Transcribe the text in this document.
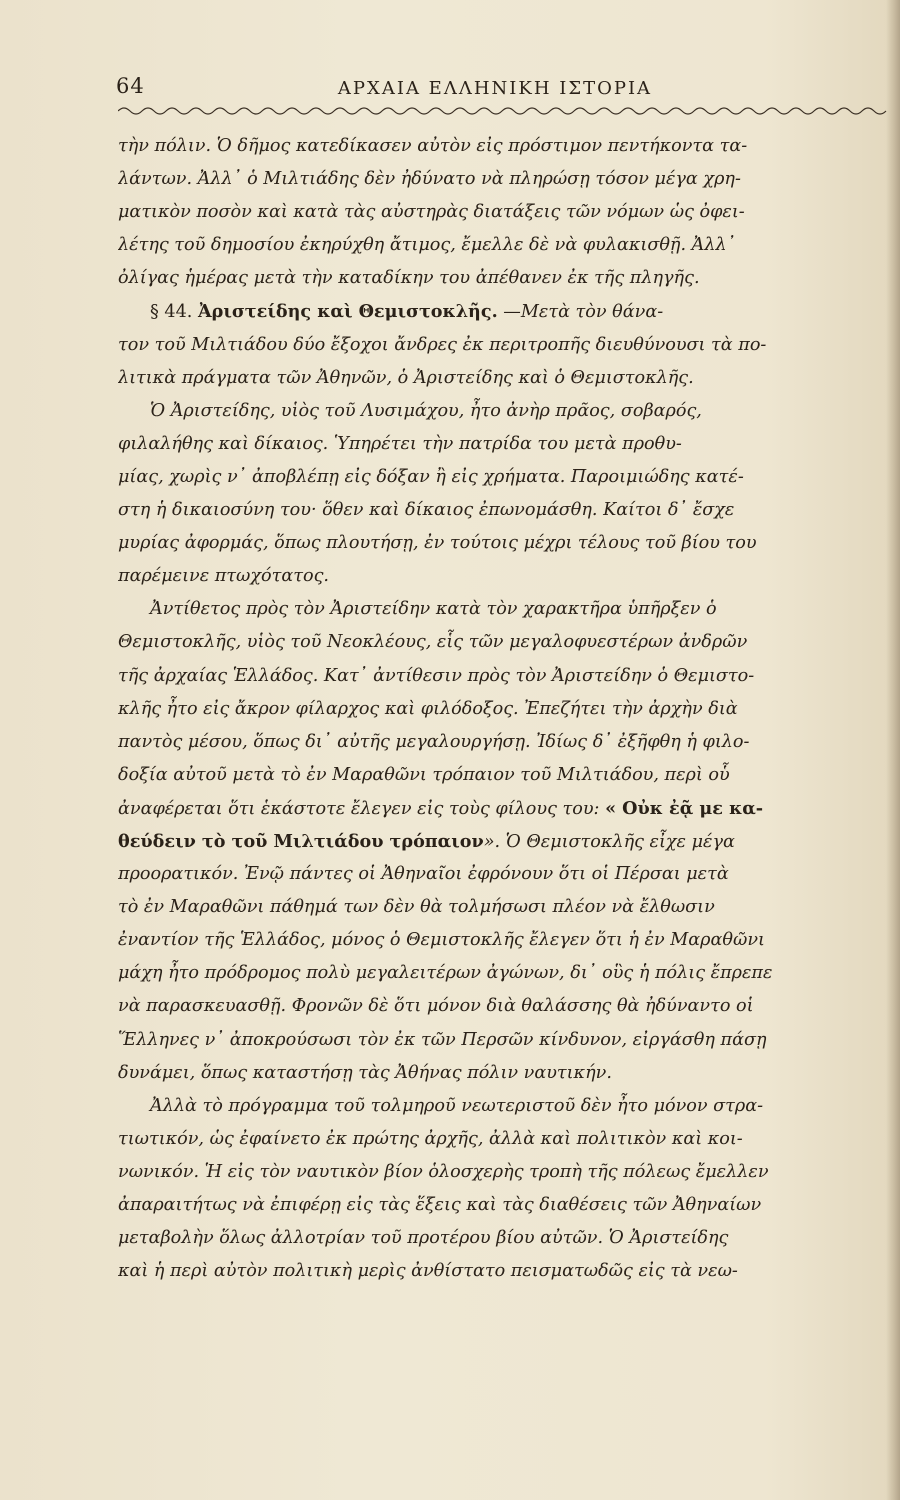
64	ΑΡΧΑΙΑ ΕΛΛΗΝΙΚΗ ΙΣΤΟΡΙΑ
τὴν πόλιν. Ὁ δῆμος κατεδίκασεν αὐτὸν εἰς πρόστιμον πεντήκοντα τα-
λάντων. Ἀλλ᾽ ὁ Μιλτιάδης δὲν ἠδύνατο νὰ πληρώσῃ τόσον μέγα χρη-
ματικὸν ποσὸν καὶ κατὰ τὰς αὐστηρὰς διατάξεις τῶν νόμων ὡς ὀφει-
λέτης τοῦ δημοσίου ἐκηρύχθη ἄτιμος, ἔμελλε δὲ νὰ φυλακισθῇ. Ἀλλ᾽
ὀλίγας ἡμέρας μετὰ τὴν καταδίκην του ἀπέθανεν ἐκ τῆς πληγῆς.
§ 44. Ἀριστείδης καὶ Θεμιστοκλῆς. —Μετὰ τὸν θάνα-
τον τοῦ Μιλτιάδου δύο ἔξοχοι ἄνδρες ἐκ περιτροπῆς διευθύνουσι τὰ πο-
λιτικὰ πράγματα τῶν Ἀθηνῶν, ὁ Ἀριστείδης καὶ ὁ Θεμιστοκλῆς.
Ὁ Ἀριστείδης, υἱὸς τοῦ Λυσιμάχου, ἦτο ἀνὴρ πρᾶος, σοβαρός,
φιλαλήθης καὶ δίκαιος. Ὑπηρέτει τὴν πατρίδα του μετὰ προθυ-
μίας, χωρὶς ν᾽ ἀποβλέπῃ εἰς δόξαν ἢ εἰς χρήματα. Παροιμιώδης κατέ-
στη ἡ δικαιοσύνη του· ὅθεν καὶ δίκαιος ἐπωνομάσθη. Καίτοι δ᾽ ἔσχε
μυρίας ἀφορμάς, ὅπως πλουτήσῃ, ἐν τούτοις μέχρι τέλους τοῦ βίου του
παρέμεινε πτωχότατος.
Ἀντίθετος πρὸς τὸν Ἀριστείδην κατὰ τὸν χαρακτῆρα ὑπῆρξεν ὁ
Θεμιστοκλῆς, υἱὸς τοῦ Νεοκλέους, εἷς τῶν μεγαλοφυεστέρων ἀνδρῶν
τῆς ἀρχαίας Ἑλλάδος. Κατ᾽ ἀντίθεσιν πρὸς τὸν Ἀριστείδην ὁ Θεμιστο-
κλῆς ἦτο εἰς ἄκρον φίλαρχος καὶ φιλόδοξος. Ἐπεζήτει τὴν ἀρχὴν διὰ
παντὸς μέσου, ὅπως δι᾽ αὐτῆς μεγαλουργήσῃ. Ἰδίως δ᾽ ἐξῆφθη ἡ φιλο-
δοξία αὐτοῦ μετὰ τὸ ἐν Μαραθῶνι τρόπαιον τοῦ Μιλτιάδου, περὶ οὗ
ἀναφέρεται ὅτι ἑκάστοτε ἔλεγεν εἰς τοὺς φίλους του: « Οὐκ ἐᾷ με κα-
θεύδειν τὸ τοῦ Μιλτιάδου τρόπαιον». Ὁ Θεμιστοκλῆς εἶχε μέγα
προορατικόν. Ἐνῷ πάντες οἱ Ἀθηναῖοι ἐφρόνουν ὅτι οἱ Πέρσαι μετὰ
τὸ ἐν Μαραθῶνι πάθημά των δὲν θὰ τολμήσωσι πλέον νὰ ἔλθωσιν
ἐναντίον τῆς Ἑλλάδος, μόνος ὁ Θεμιστοκλῆς ἔλεγεν ὅτι ἡ ἐν Μαραθῶνι
μάχη ἦτο πρόδρομος πολὺ μεγαλειτέρων ἀγώνων, δι᾽ οὓς ἡ πόλις ἔπρεπε
νὰ παρασκευασθῇ. Φρονῶν δὲ ὅτι μόνον διὰ θαλάσσης θὰ ἠδύναντο οἱ
Ἕλληνες ν᾽ ἀποκρούσωσι τὸν ἐκ τῶν Περσῶν κίνδυνον, εἰργάσθη πάσῃ
δυνάμει, ὅπως καταστήσῃ τὰς Ἀθήνας πόλιν ναυτικήν.
Ἀλλὰ τὸ πρόγραμμα τοῦ τολμηροῦ νεωτεριστοῦ δὲν ἦτο μόνον στρα-
τιωτικόν, ὡς ἐφαίνετο ἐκ πρώτης ἀρχῆς, ἀλλὰ καὶ πολιτικὸν καὶ κοι-
νωνικόν. Ἡ εἰς τὸν ναυτικὸν βίον ὁλοσχερὴς τροπὴ τῆς πόλεως ἔμελλεν
ἀπαραιτήτως νὰ ἐπιφέρῃ εἰς τὰς ἕξεις καὶ τὰς διαθέσεις τῶν Ἀθηναίων
μεταβολὴν ὅλως ἀλλοτρίαν τοῦ προτέρου βίου αὐτῶν. Ὁ Ἀριστείδης
καὶ ἡ περὶ αὐτὸν πολιτικὴ μερὶς ἀνθίστατο πεισματωδῶς εἰς τὰ νεω-
